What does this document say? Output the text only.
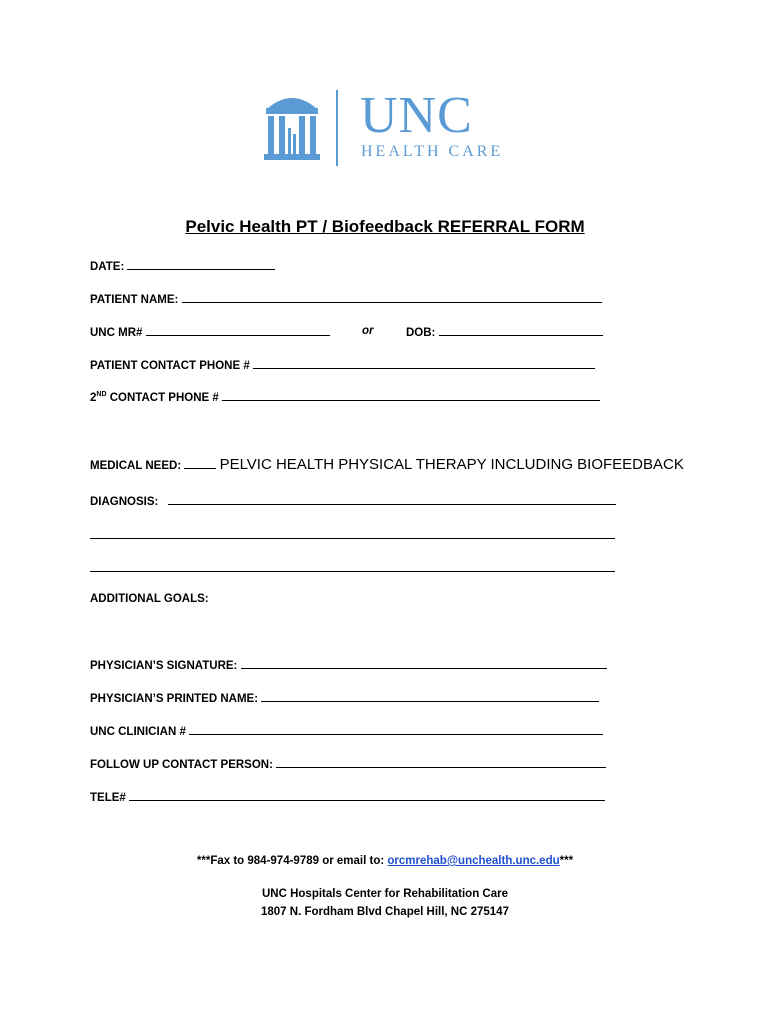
UNC
HEALTH CARE
Pelvic Health PT / Biofeedback REFERRAL FORM
DATE:
PATIENT NAME:
UNC MR#	or	DOB:
PATIENT CONTACT PHONE #
2ND CONTACT PHONE #
MEDICAL NEED:	PELVIC HEALTH PHYSICAL THERAPY INCLUDING BIOFEEDBACK
DIAGNOSIS:
ADDITIONAL GOALS:
PHYSICIAN’S SIGNATURE:
PHYSICIAN’S PRINTED NAME:
UNC CLINICIAN #
FOLLOW UP CONTACT PERSON:
TELE#
***Fax to 984-974-9789 or email to: orcmrehab@unchealth.unc.edu***
UNC Hospitals Center for Rehabilitation Care
1807 N. Fordham Blvd Chapel Hill, NC 275147
